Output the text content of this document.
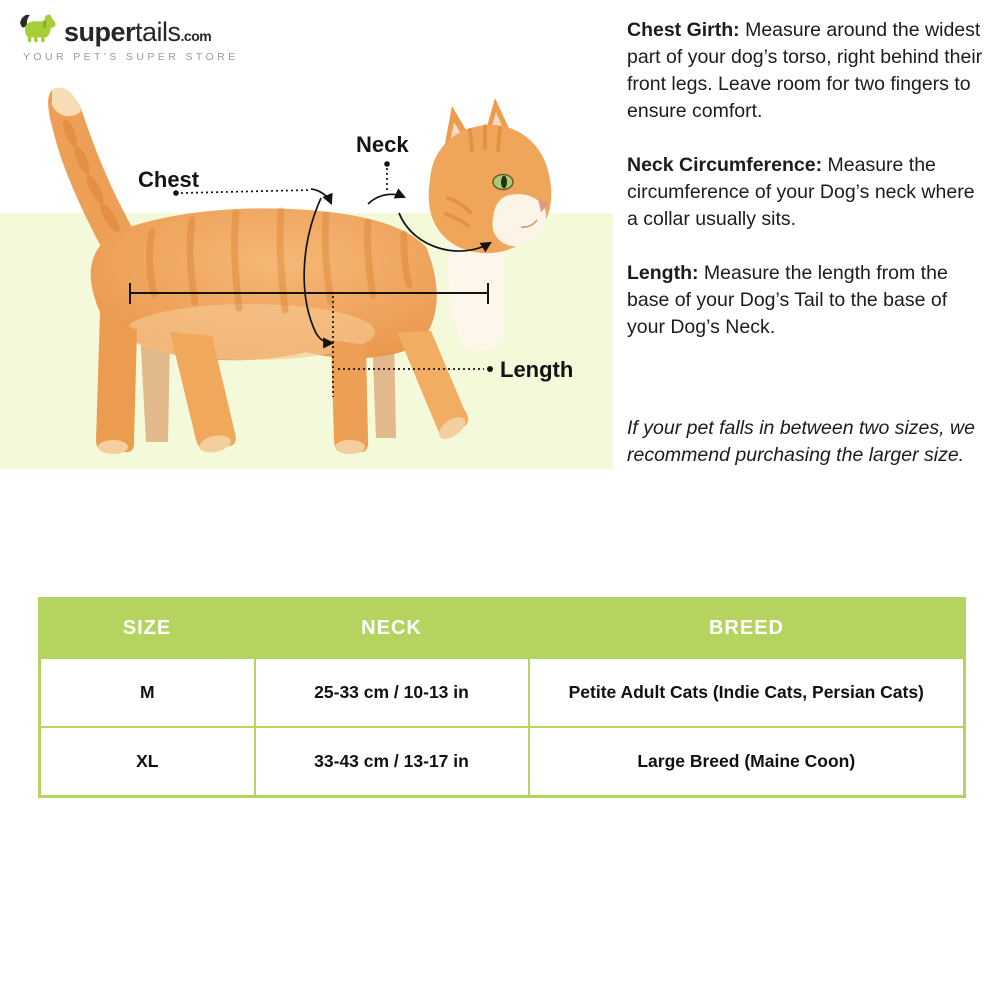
supertails.com
YOUR PET'S SUPER STORE
Chest
Neck
Length

Chest Girth: Measure around the widest part of your dog’s torso, right behind their front legs. Leave room for two fingers to ensure comfort.

Neck Circumference: Measure the circumference of your Dog’s neck where a collar usually sits.

Length: Measure the length from the base of your Dog’s Tail to the base of your Dog’s Neck.

If your pet falls in between two sizes, we recommend purchasing the larger size.

SIZE	NECK	BREED
M	25-33 cm / 10-13 in	Petite Adult Cats (Indie Cats, Persian Cats)
XL	33-43 cm / 13-17 in	Large Breed (Maine Coon)
